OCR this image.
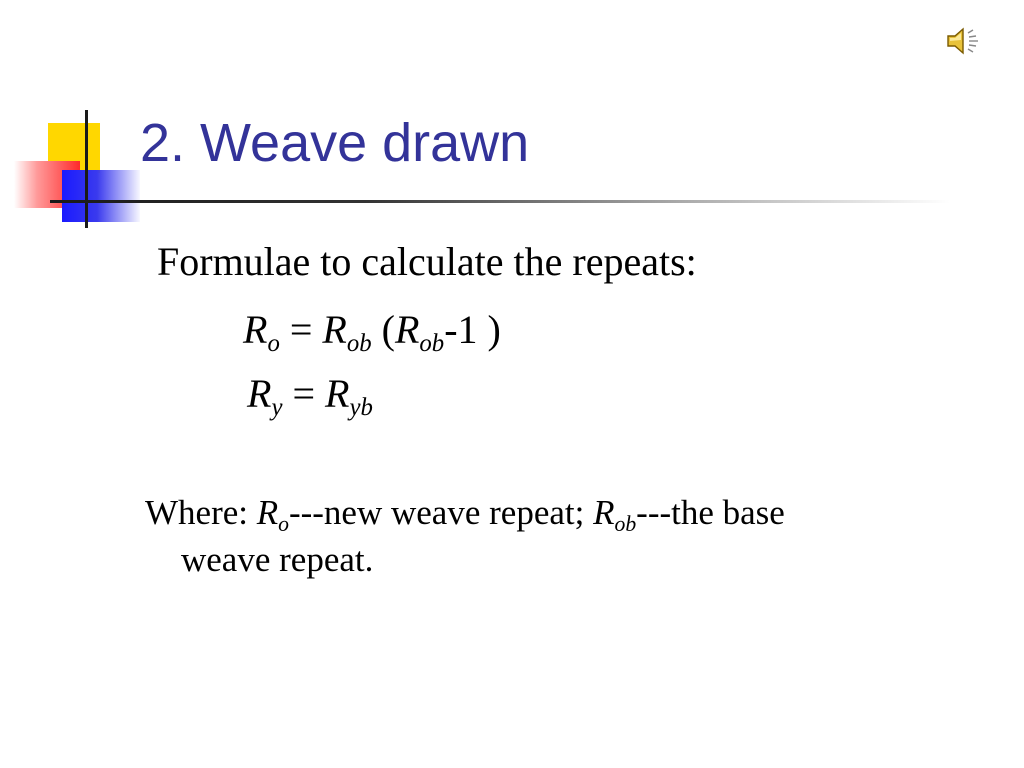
2. Weave drawn
Formulae to calculate the repeats:
$R_o = R_{ob}$ ($R_{ob}-1$ )
$R_y = R_{yb}$

Where: $R_o--$-new weave repeat; $R_{ob}--$-the base
weave repeat.
